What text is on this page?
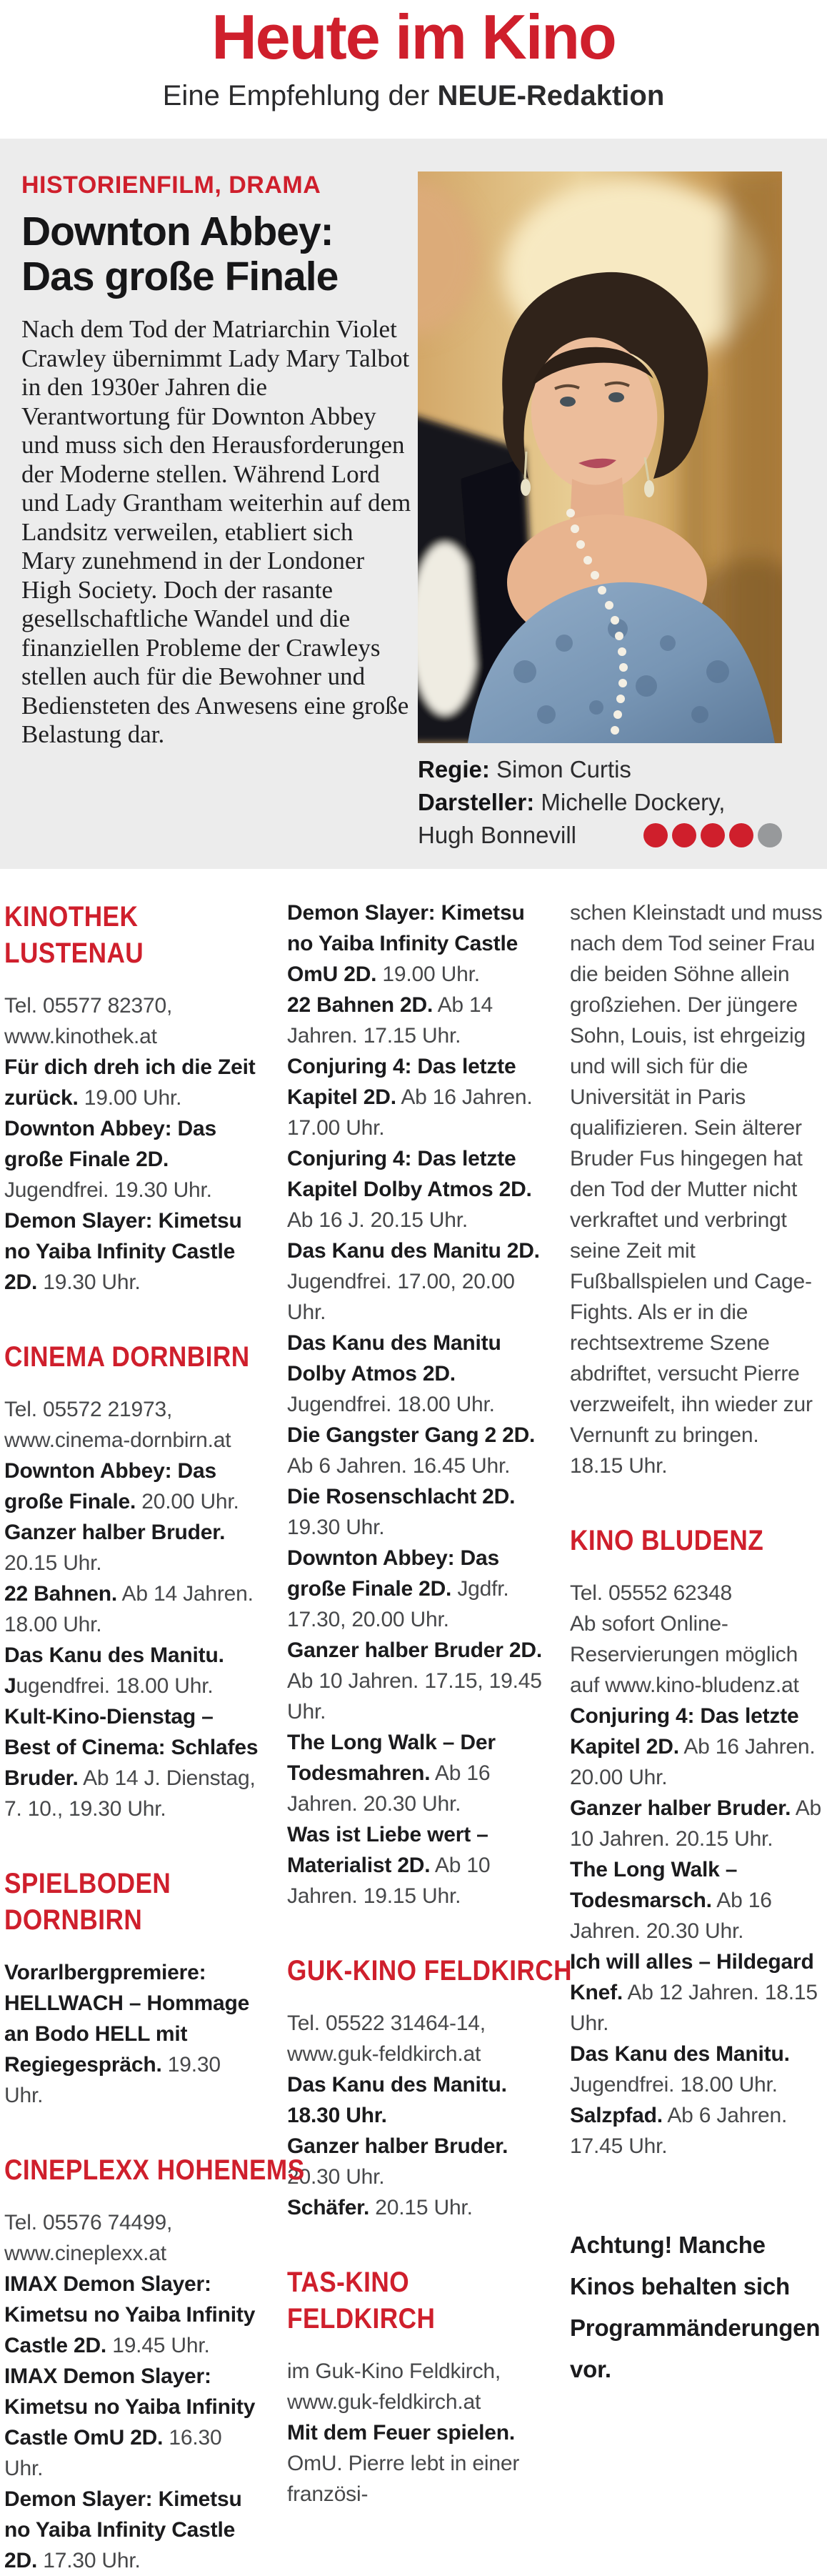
Heute im Kino

Eine Empfehlung der NEUE-Redaktion

HISTORIENFILM, DRAMA
Downton Abbey:
Das große Finale

Nach dem Tod der Matriarchin Violet Crawley übernimmt Lady Mary Talbot in den 1930er Jahren die Verantwortung für Downton Abbey und muss sich den Herausforderungen der Moderne stellen. Während Lord und Lady Grantham weiterhin auf dem Landsitz verweilen, etabliert sich Mary zunehmend in der Londoner High Society. Doch der rasante gesellschaftliche Wandel und die finanziellen Probleme der Crawleys stellen auch für die Bewohner und Bediensteten des Anwesens eine große Belastung dar.

Regie: Simon Curtis
Darsteller: Michelle Dockery,
Hugh Bonnevill
KINOTHEK
LUSTENAU

Tel. 05577 82370, www.kinothek.at

Für dich dreh ich die Zeit zurück. 19.00 Uhr.

Downton Abbey: Das große Finale 2D. Jugendfrei. 19.30 Uhr.

Demon Slayer: Kimetsu no Yaiba Infinity Castle 2D. 19.30 Uhr.

CINEMA DORNBIRN

Tel. 05572 21973, www.cinema-dornbirn.at

Downton Abbey: Das große Finale. 20.00 Uhr.

Ganzer halber Bruder. 20.15 Uhr.

22 Bahnen. Ab 14 Jahren. 18.00 Uhr.

Das Kanu des Manitu. Jugendfrei. 18.00 Uhr.

Kult-Kino-Dienstag – Best of Cinema: Schlafes Bruder. Ab 14 J. Dienstag, 7. 10., 19.30 Uhr.

SPIELBODEN
DORNBIRN

Vorarlbergpremiere: HELLWACH – Hommage an Bodo HELL mit Regiegespräch. 19.30 Uhr.

CINEPLEXX HOHENEMS

Tel. 05576 74499, www.cineplexx.at

IMAX Demon Slayer: Kimetsu no Yaiba Infinity Castle 2D. 19.45 Uhr.

IMAX Demon Slayer: Kimetsu no Yaiba Infinity Castle OmU 2D. 16.30 Uhr.

Demon Slayer: Kimetsu no Yaiba Infinity Castle 2D. 17.30 Uhr.

Demon Slayer: Kimetsu no Yaiba Infinity Castle OmU 2D. 19.00 Uhr.

22 Bahnen 2D. Ab 14 Jahren. 17.15 Uhr.

Conjuring 4: Das letzte Kapitel 2D. Ab 16 Jahren. 17.00 Uhr.

Conjuring 4: Das letzte Kapitel Dolby Atmos 2D. Ab 16 J. 20.15 Uhr.

Das Kanu des Manitu 2D. Jugendfrei. 17.00, 20.00 Uhr.

Das Kanu des Manitu Dolby Atmos 2D. Jugendfrei. 18.00 Uhr.

Die Gangster Gang 2 2D. Ab 6 Jahren. 16.45 Uhr.

Die Rosenschlacht 2D. 19.30 Uhr.

Downton Abbey: Das große Finale 2D. Jgdfr. 17.30, 20.00 Uhr.

Ganzer halber Bruder 2D. Ab 10 Jahren. 17.15, 19.45 Uhr.

The Long Walk – Der Todesmahren. Ab 16 Jahren. 20.30 Uhr.

Was ist Liebe wert – Materialist 2D. Ab 10 Jahren. 19.15 Uhr.

GUK-KINO FELDKIRCH

Tel. 05522 31464-14, www.guk-feldkirch.at

Das Kanu des Manitu. 18.30 Uhr.

Ganzer halber Bruder. 20.30 Uhr.

Schäfer. 20.15 Uhr.

TAS-KINO
FELDKIRCH

im Guk-Kino Feldkirch, www.guk-feldkirch.at

Mit dem Feuer spielen. OmU. Pierre lebt in einer französi-

schen Kleinstadt und muss nach dem Tod seiner Frau die beiden Söhne allein großziehen. Der jüngere Sohn, Louis, ist ehrgeizig und will sich für die Universität in Paris qualifizieren. Sein älterer Bruder Fus hingegen hat den Tod der Mutter nicht verkraftet und verbringt seine Zeit mit Fußballspielen und Cage-Fights. Als er in die rechtsextreme Szene abdriftet, versucht Pierre verzweifelt, ihn wieder zur Vernunft zu bringen.

18.15 Uhr.

KINO BLUDENZ

Tel. 05552 62348

Ab sofort Online-Reservierungen möglich auf www.kino-bludenz.at

Conjuring 4: Das letzte Kapitel 2D. Ab 16 Jahren. 20.00 Uhr.

Ganzer halber Bruder. Ab 10 Jahren. 20.15 Uhr.

The Long Walk – Todesmarsch. Ab 16 Jahren. 20.30 Uhr.

Ich will alles – Hildegard Knef. Ab 12 Jahren. 18.15 Uhr.

Das Kanu des Manitu. Jugendfrei. 18.00 Uhr.

Salzpfad. Ab 6 Jahren. 17.45 Uhr.

Achtung! Manche Kinos behalten sich Programmänderungen vor.
